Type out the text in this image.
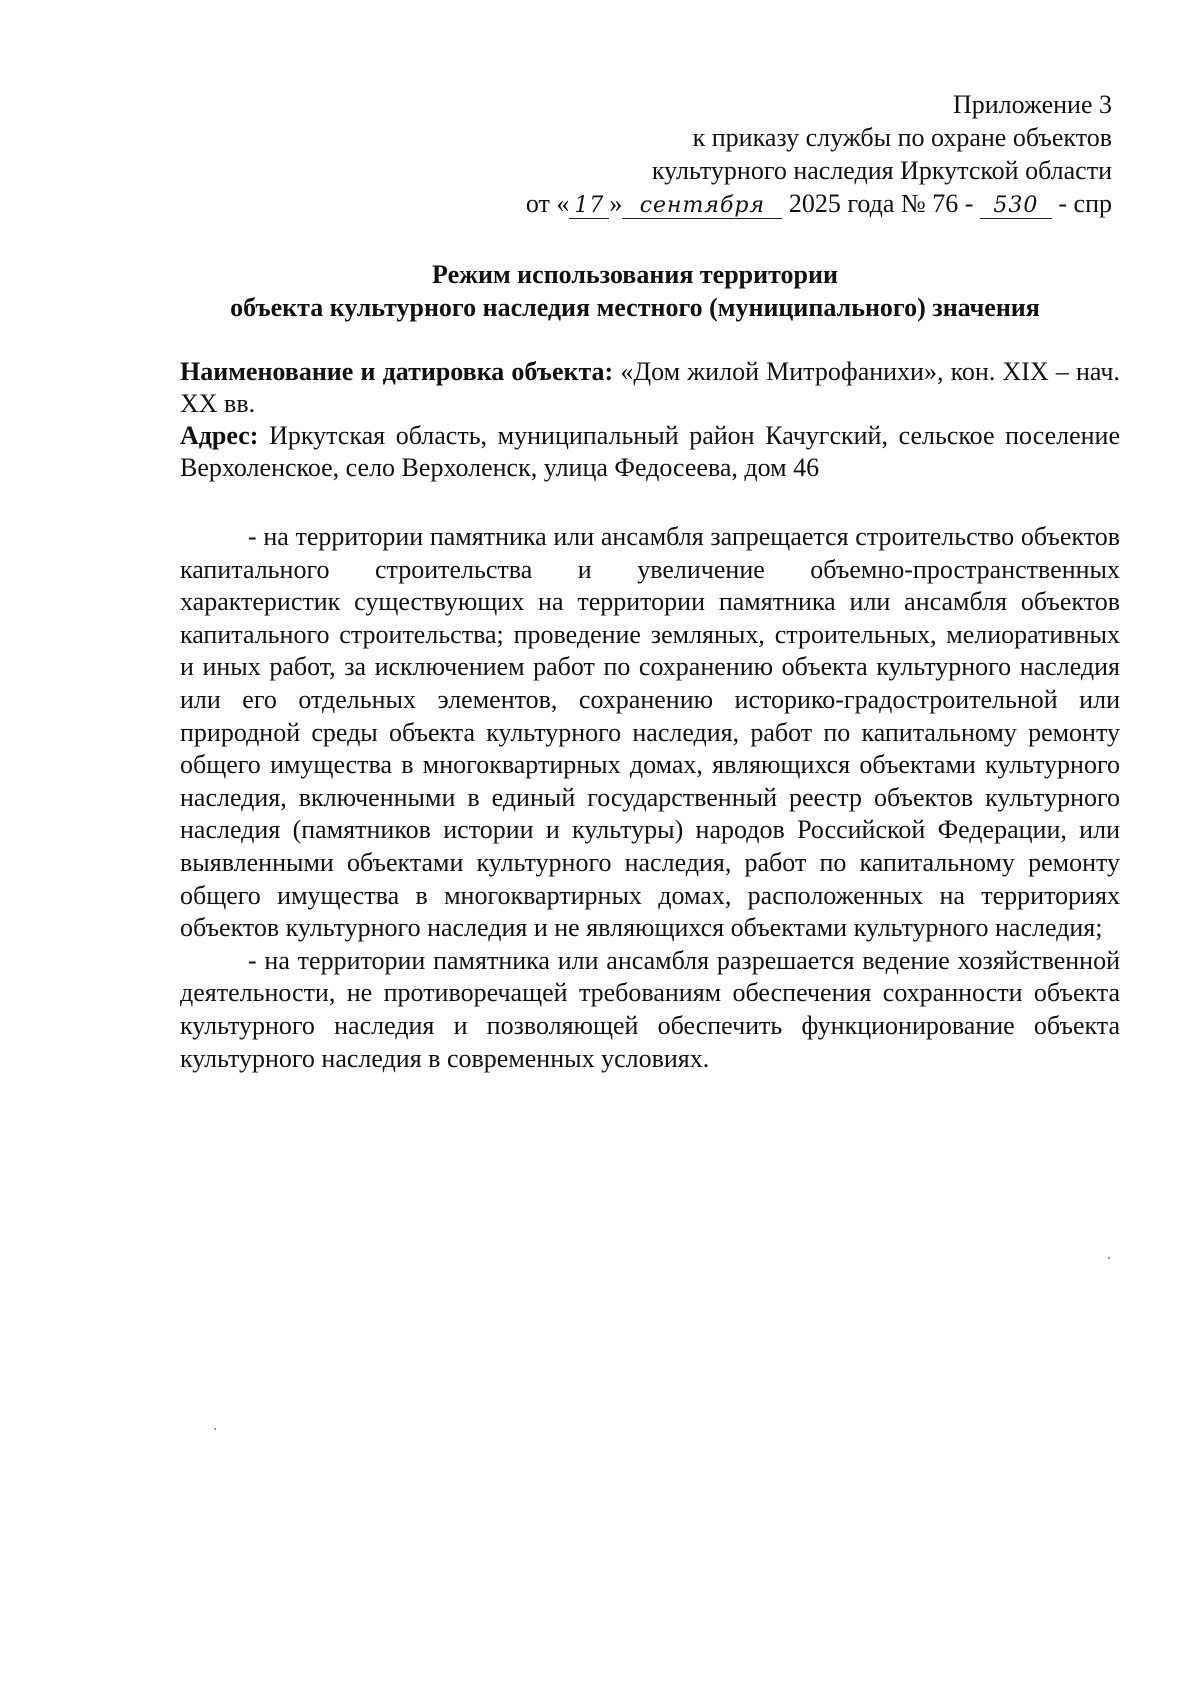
Приложение 3
к приказу службы по охране объектов
культурного наследия Иркутской области
от « 17 » сентября 2025 года № 76 - 530 - спр
Режим использования территории
объекта культурного наследия местного (муниципального) значения

Наименование и датировка объекта: «Дом жилой Митрофанихи», кон. XIX – нач. XX вв.

Адрес: Иркутская область, муниципальный район Качугский, сельское поселение Верхоленское, село Верхоленск, улица Федосеева, дом 46

- на территории памятника или ансамбля запрещается строительство объектов капитального строительства и увеличение объемно-пространственных характеристик существующих на территории памятника или ансамбля объектов капитального строительства; проведение земляных, строительных, мелиоративных и иных работ, за исключением работ по сохранению объекта культурного наследия или его отдельных элементов, сохранению историко-градостроительной или природной среды объекта культурного наследия, работ по капитальному ремонту общего имущества в многоквартирных домах, являющихся объектами культурного наследия, включенными в единый государственный реестр объектов культурного наследия (памятников истории и культуры) народов Российской Федерации, или выявленными объектами культурного наследия, работ по капитальному ремонту общего имущества в многоквартирных домах, расположенных на территориях объектов культурного наследия и не являющихся объектами культурного наследия;

- на территории памятника или ансамбля разрешается ведение хозяйственной деятельности, не противоречащей требованиям обеспечения сохранности объекта культурного наследия и позволяющей обеспечить функционирование объекта культурного наследия в современных условиях.
